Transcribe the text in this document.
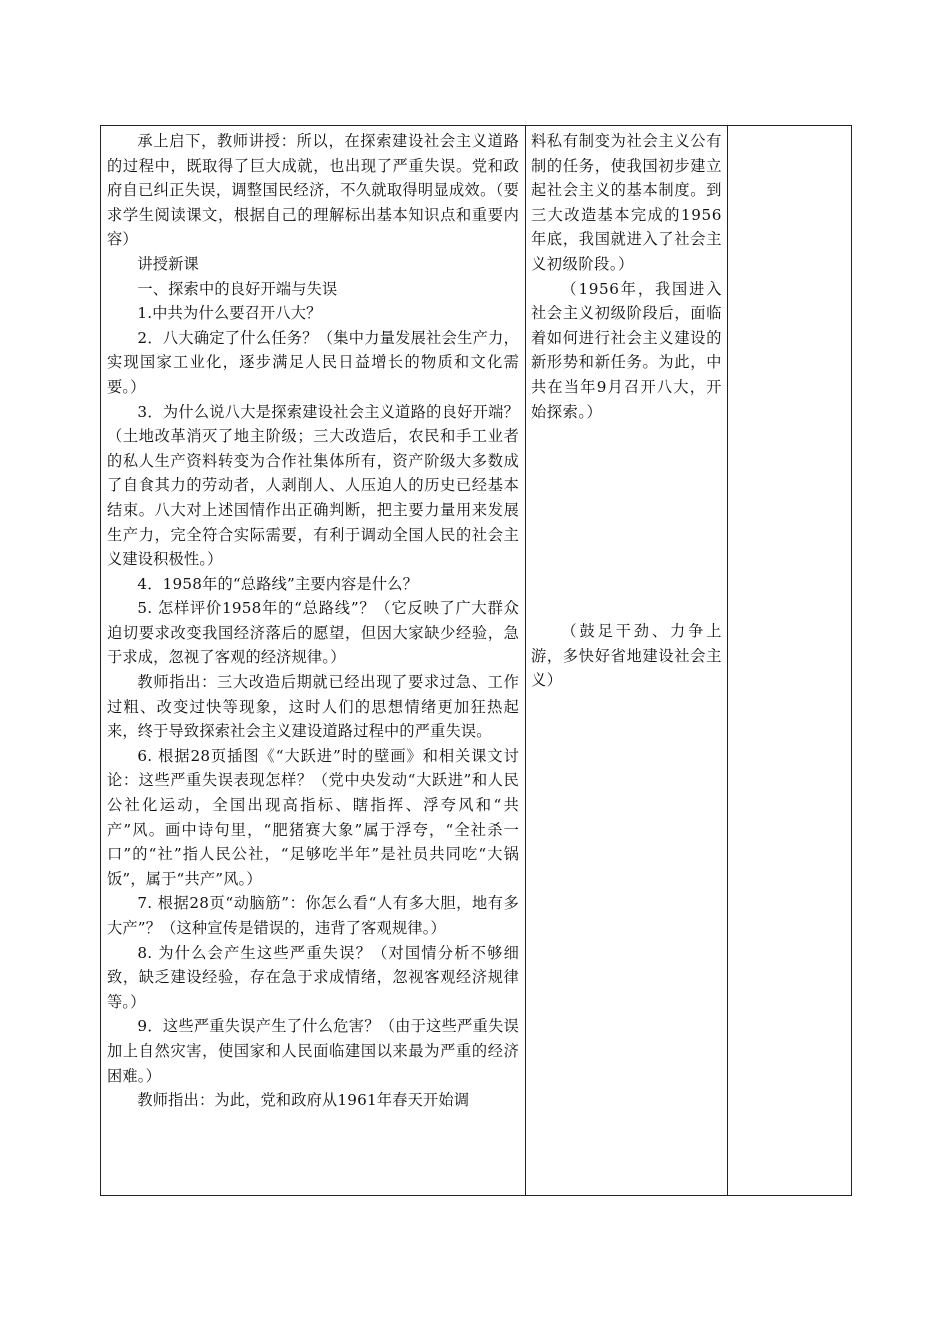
承上启下，教师讲授：所以，在探索建设社会主义道路的过程中，既取得了巨大成就，也出现了严重失误。党和政府自已纠正失误，调整国民经济，不久就取得明显成效。（要求学生阅读课文，根据自己的理解标出基本知识点和重要内容）

讲授新课

一、探索中的良好开端与失误

1.中共为什么要召开八大？

2．八大确定了什么任务？（集中力量发展社会生产力，实现国家工业化，逐步满足人民日益增长的物质和文化需要。）

3．为什么说八大是探索建设社会主义道路的良好开端？（土地改革消灭了地主阶级；三大改造后，农民和手工业者的私人生产资料转变为合作社集体所有，资产阶级大多数成了自食其力的劳动者，人剥削人、人压迫人的历史已经基本结束。八大对上述国情作出正确判断，把主要力量用来发展生产力，完全符合实际需要，有利于调动全国人民的社会主义建设积极性。）

4．1958年的“总路线”主要内容是什么？

5. 怎样评价1958年的“总路线”？（它反映了广大群众迫切要求改变我国经济落后的愿望，但因大家缺少经验，急于求成，忽视了客观的经济规律。）

教师指出：三大改造后期就已经出现了要求过急、工作过粗、改变过快等现象，这时人们的思想情绪更加狂热起来，终于导致探索社会主义建设道路过程中的严重失误。

6. 根据28页插图《“大跃进”时的壁画》和相关课文讨论：这些严重失误表现怎样？（党中央发动“大跃进”和人民公社化运动，全国出现高指标、瞎指挥、浮夸风和“共产”风。画中诗句里，“肥猪赛大象”属于浮夸，“全社杀一口”的“社”指人民公社，“足够吃半年”是社员共同吃“大锅饭”，属于“共产”风。）

7. 根据28页“动脑筋”：你怎么看“人有多大胆，地有多大产”？（这种宣传是错误的，违背了客观规律。）

8. 为什么会产生这些严重失误？（对国情分析不够细致，缺乏建设经验，存在急于求成情绪，忽视客观经济规律等。）

9．这些严重失误产生了什么危害？（由于这些严重失误加上自然灾害，使国家和人民面临建国以来最为严重的经济困难。）

教师指出：为此，党和政府从1961年春天开始调

料私有制变为社会主义公有制的任务，使我国初步建立起社会主义的基本制度。到三大改造基本完成的1956年底，我国就进入了社会主义初级阶段。）

（1956年，我国进入社会主义初级阶段后，面临着如何进行社会主义建设的新形势和新任务。为此，中共在当年9月召开八大，开始探索。）

（鼓足干劲、力争上游，多快好省地建设社会主义）
